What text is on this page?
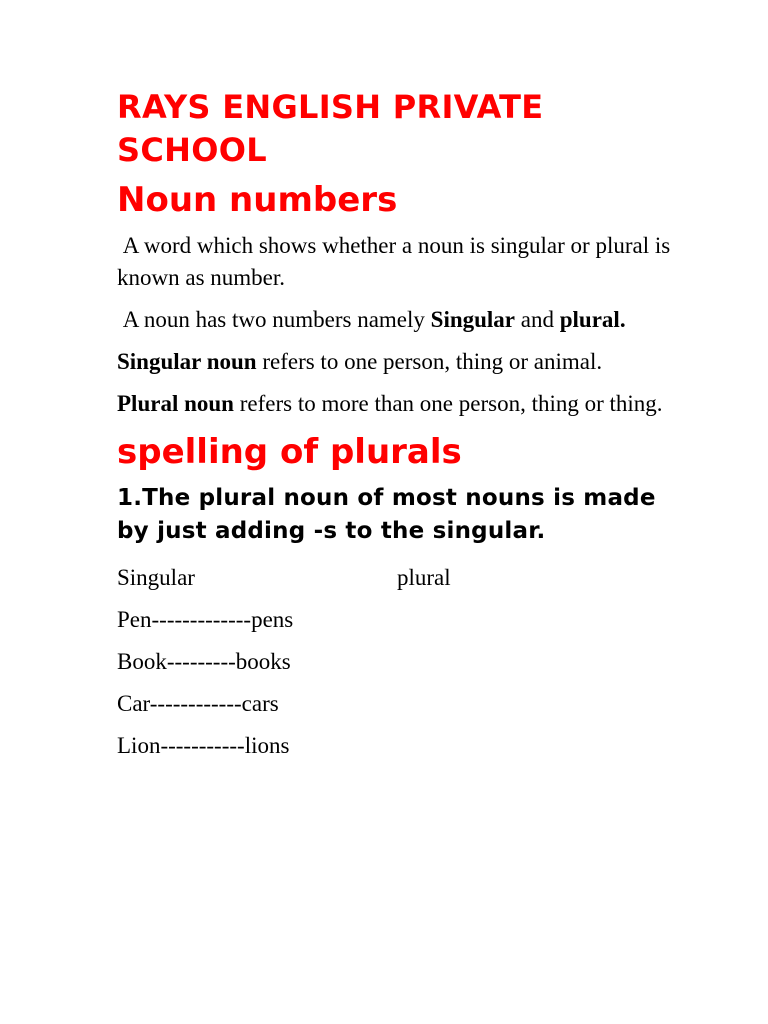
RAYS ENGLISH PRIVATE
SCHOOL
Noun numbers

A word which shows whether a noun is singular or plural is known as number.

A noun has two numbers namely Singular and plural.

Singular noun refers to one person, thing or animal.

Plural noun refers to more than one person, thing or thing.

spelling of plurals
1.The plural noun of most nouns is made by just adding -s to the singular.
Singular	plural
Pen-------------pens
Book---------books
Car------------cars
Lion-----------lions
